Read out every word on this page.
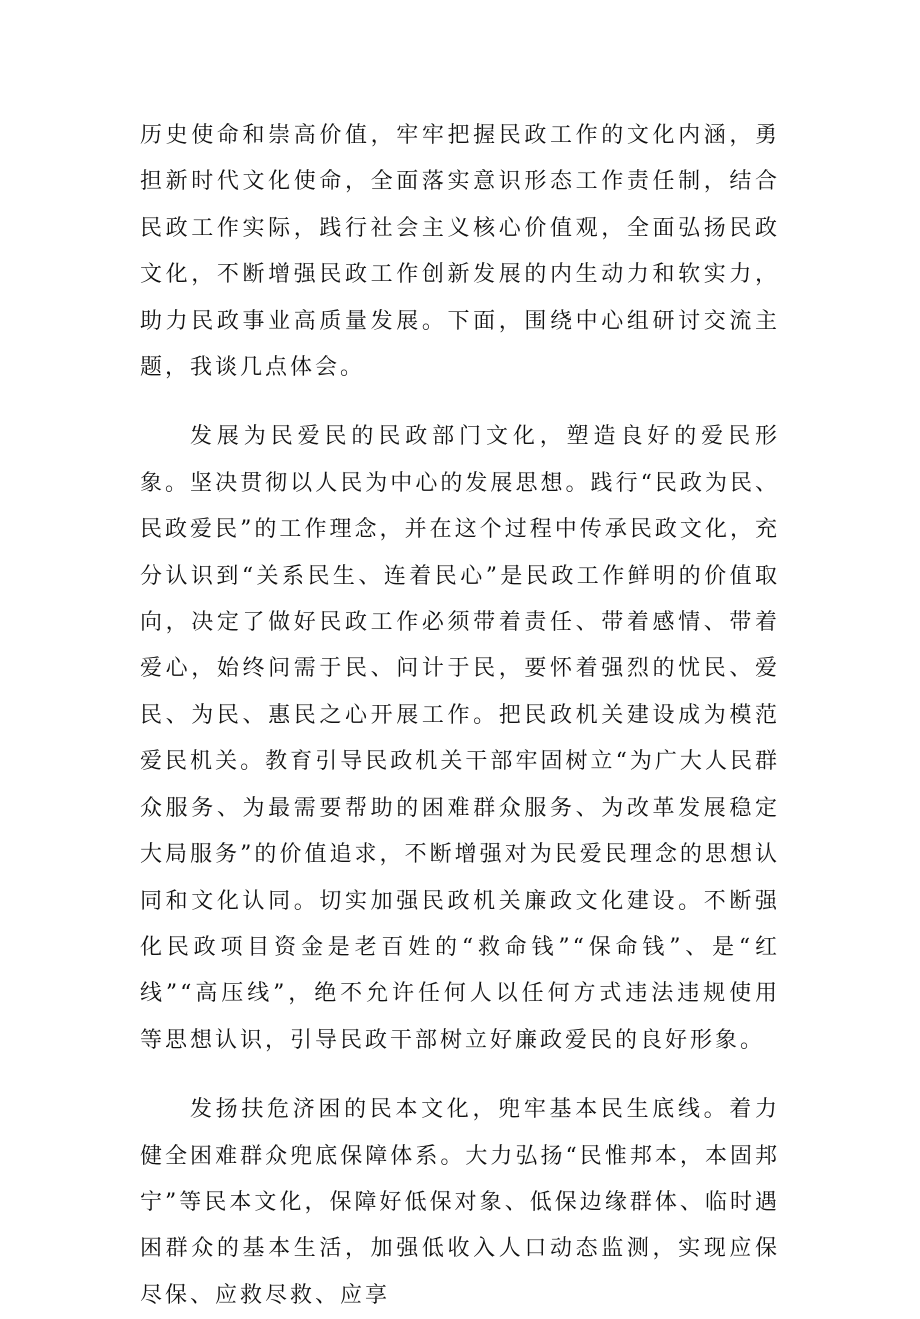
历史使命和崇高价值，牢牢把握民政工作的文化内涵，勇担新时代文化使命，全面落实意识形态工作责任制，结合民政工作实际，践行社会主义核心价值观，全面弘扬民政文化，不断增强民政工作创新发展的内生动力和软实力，助力民政事业高质量发展。下面，围绕中心组研讨交流主题，我谈几点体会。

发展为民爱民的民政部门文化，塑造良好的爱民形象。坚决贯彻以人民为中心的发展思想。践行“民政为民、民政爱民”的工作理念，并在这个过程中传承民政文化，充分认识到“关系民生、连着民心”是民政工作鲜明的价值取向，决定了做好民政工作必须带着责任、带着感情、带着爱心，始终问需于民、问计于民，要怀着强烈的忧民、爱民、为民、惠民之心开展工作。把民政机关建设成为模范爱民机关。教育引导民政机关干部牢固树立“为广大人民群众服务、为最需要帮助的困难群众服务、为改革发展稳定大局服务”的价值追求，不断增强对为民爱民理念的思想认同和文化认同。切实加强民政机关廉政文化建设。不断强化民政项目资金是老百姓的“救命钱”“保命钱”、是“红线”“高压线”，绝不允许任何人以任何方式违法违规使用等思想认识，引导民政干部树立好廉政爱民的良好形象。

发扬扶危济困的民本文化，兜牢基本民生底线。着力健全困难群众兜底保障体系。大力弘扬“民惟邦本，本固邦宁”等民本文化，保障好低保对象、低保边缘群体、临时遇困群众的基本生活，加强低收入人口动态监测，实现应保尽保、应救尽救、应享
